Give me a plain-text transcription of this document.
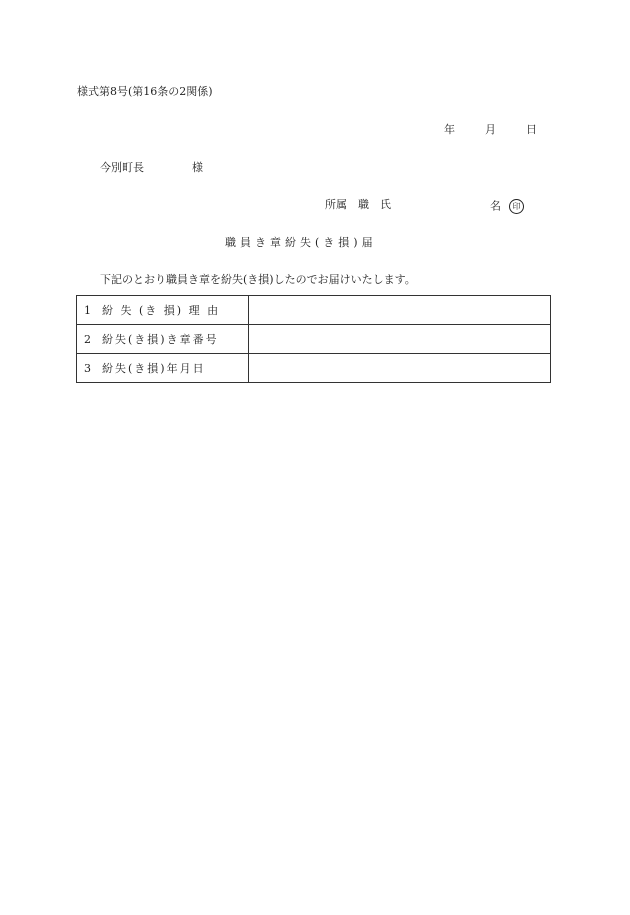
様式第8号(第16条の2関係)
年	月	日
今別町長	様
所属　職　氏	名 印
職員き章紛失(き損)届
下記のとおり職員き章を紛失(き損)したのでお届けいたします。
1 紛 失 (き 損) 理 由	
2 紛失(き損)き章番号	
3 紛失(き損)年月日	
